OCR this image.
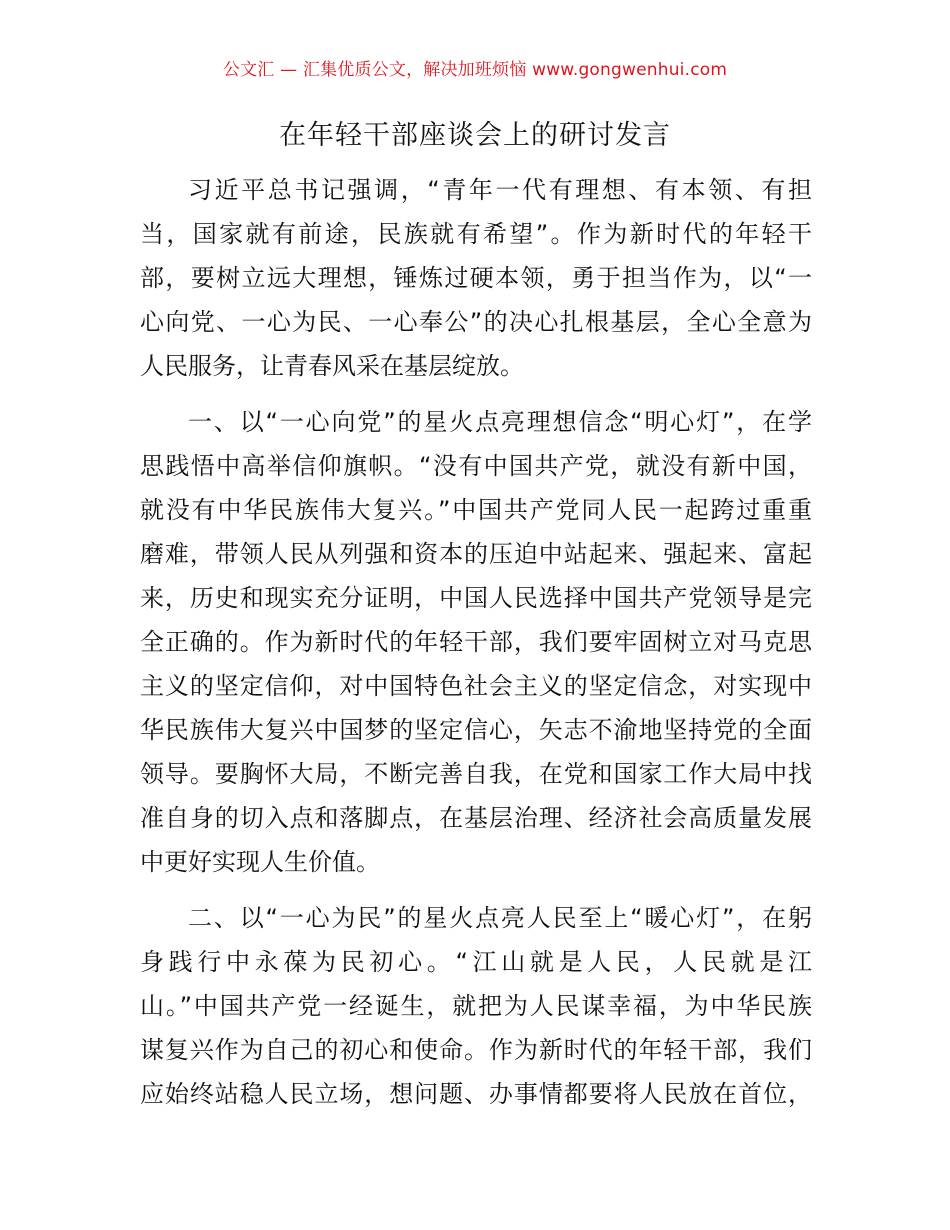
公文汇 — 汇集优质公文，解决加班烦恼 www.gongwenhui.com
在年轻干部座谈会上的研讨发言
习近平总书记强调，“青年一代有理想、有本领、有担
当，国家就有前途，民族就有希望”。作为新时代的年轻干
部，要树立远大理想，锤炼过硬本领，勇于担当作为，以“一
心向党、一心为民、一心奉公”的决心扎根基层，全心全意为
人民服务，让青春风采在基层绽放。
一、以“一心向党”的星火点亮理想信念“明心灯”，在学
思践悟中高举信仰旗帜。“没有中国共产党，就没有新中国，
就没有中华民族伟大复兴。”中国共产党同人民一起跨过重重
磨难，带领人民从列强和资本的压迫中站起来、强起来、富起
来，历史和现实充分证明，中国人民选择中国共产党领导是完
全正确的。作为新时代的年轻干部，我们要牢固树立对马克思
主义的坚定信仰，对中国特色社会主义的坚定信念，对实现中
华民族伟大复兴中国梦的坚定信心，矢志不渝地坚持党的全面
领导。要胸怀大局，不断完善自我，在党和国家工作大局中找
准自身的切入点和落脚点，在基层治理、经济社会高质量发展
中更好实现人生价值。
二、以“一心为民”的星火点亮人民至上“暖心灯”，在躬
身践行中永葆为民初心。“江山就是人民，人民就是江
山。”中国共产党一经诞生，就把为人民谋幸福，为中华民族
谋复兴作为自己的初心和使命。作为新时代的年轻干部，我们
应始终站稳人民立场，想问题、办事情都要将人民放在首位，
